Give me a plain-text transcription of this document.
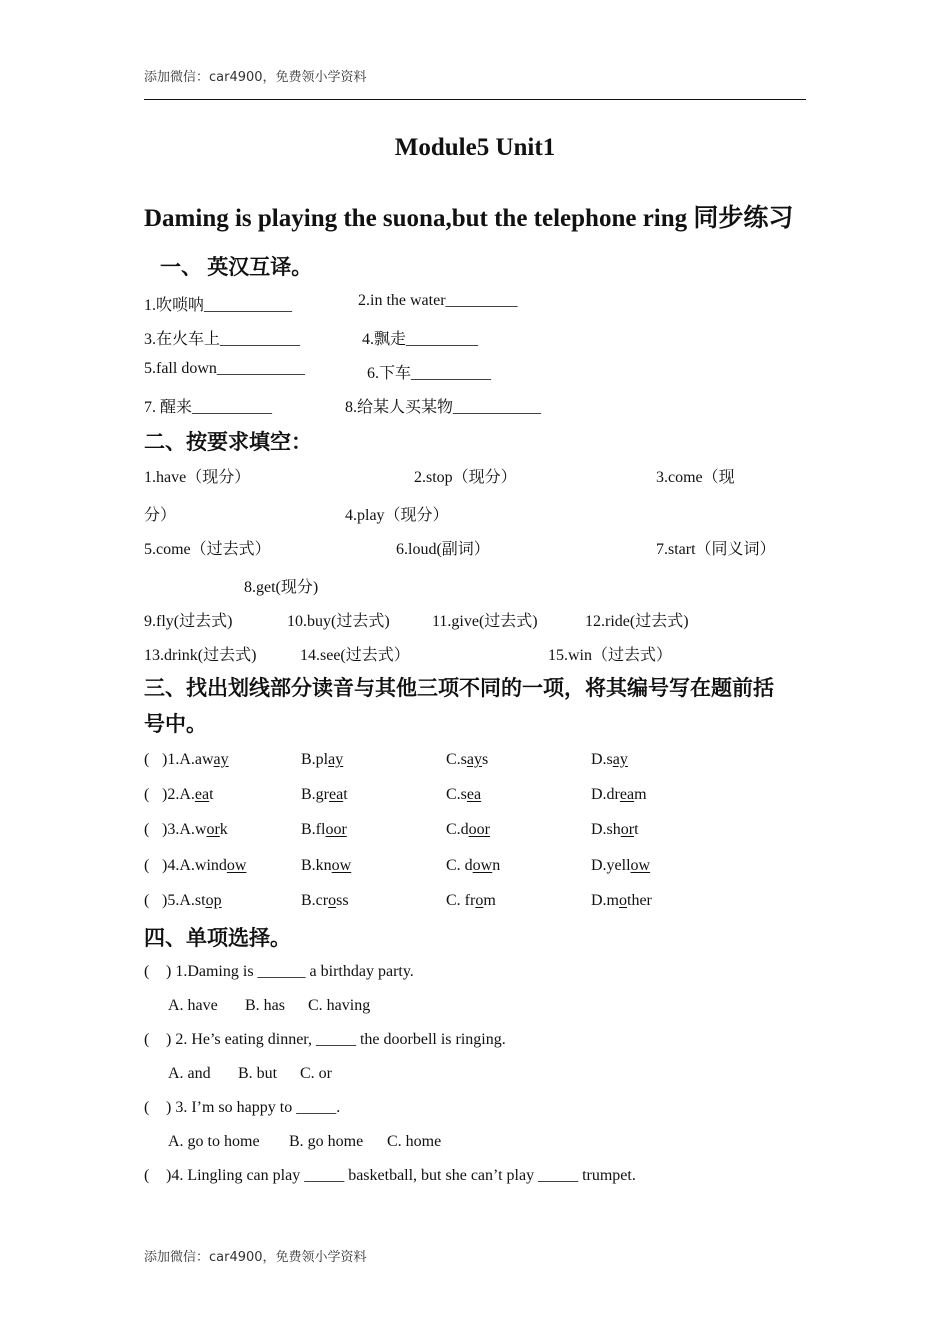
添加微信：car4900，免费领小学资料
Module5 Unit1
Daming is playing the suona,but the telephone ring 同步练习
一、 英汉互译。
1.吹唢呐___________	2.in the water_________
3.在火车上__________	4.飘走_________
5.fall down___________	6.下车__________
7. 醒来__________	8.给某人买某物___________
二、按要求填空：
1.have（现分）	2.stop（现分）	3.come（现
分）	4.play（现分）
5.come（过去式）	6.loud(副词）	7.start（同义词）
8.get(现分)
9.fly(过去式)	10.buy(过去式)	11.give(过去式)	12.ride(过去式)
13.drink(过去式)	14.see(过去式）	15.win（过去式）
三、找出划线部分读音与其他三项不同的一项，将其编号写在题前括
号中。
( )1.A.away	B.play	C.says	D.say
( )2.A.eat	B.great	C.sea	D.dream
( )3.A.work	B.floor	C.door	D.short
( )4.A.window	B.know	C. down	D.yellow
( )5.A.stop	B.cross	C. from	D.mother
四、单项选择。
( ) 1.Daming is ______ a birthday party.
A. have B. has C. having
( ) 2. He’s eating dinner, _____ the doorbell is ringing.
A. and B. but C. or
( ) 3. I’m so happy to _____.
A. go to home B. go home C. home
( )4. Lingling can play _____ basketball, but she can’t play _____ trumpet.
添加微信：car4900，免费领小学资料
